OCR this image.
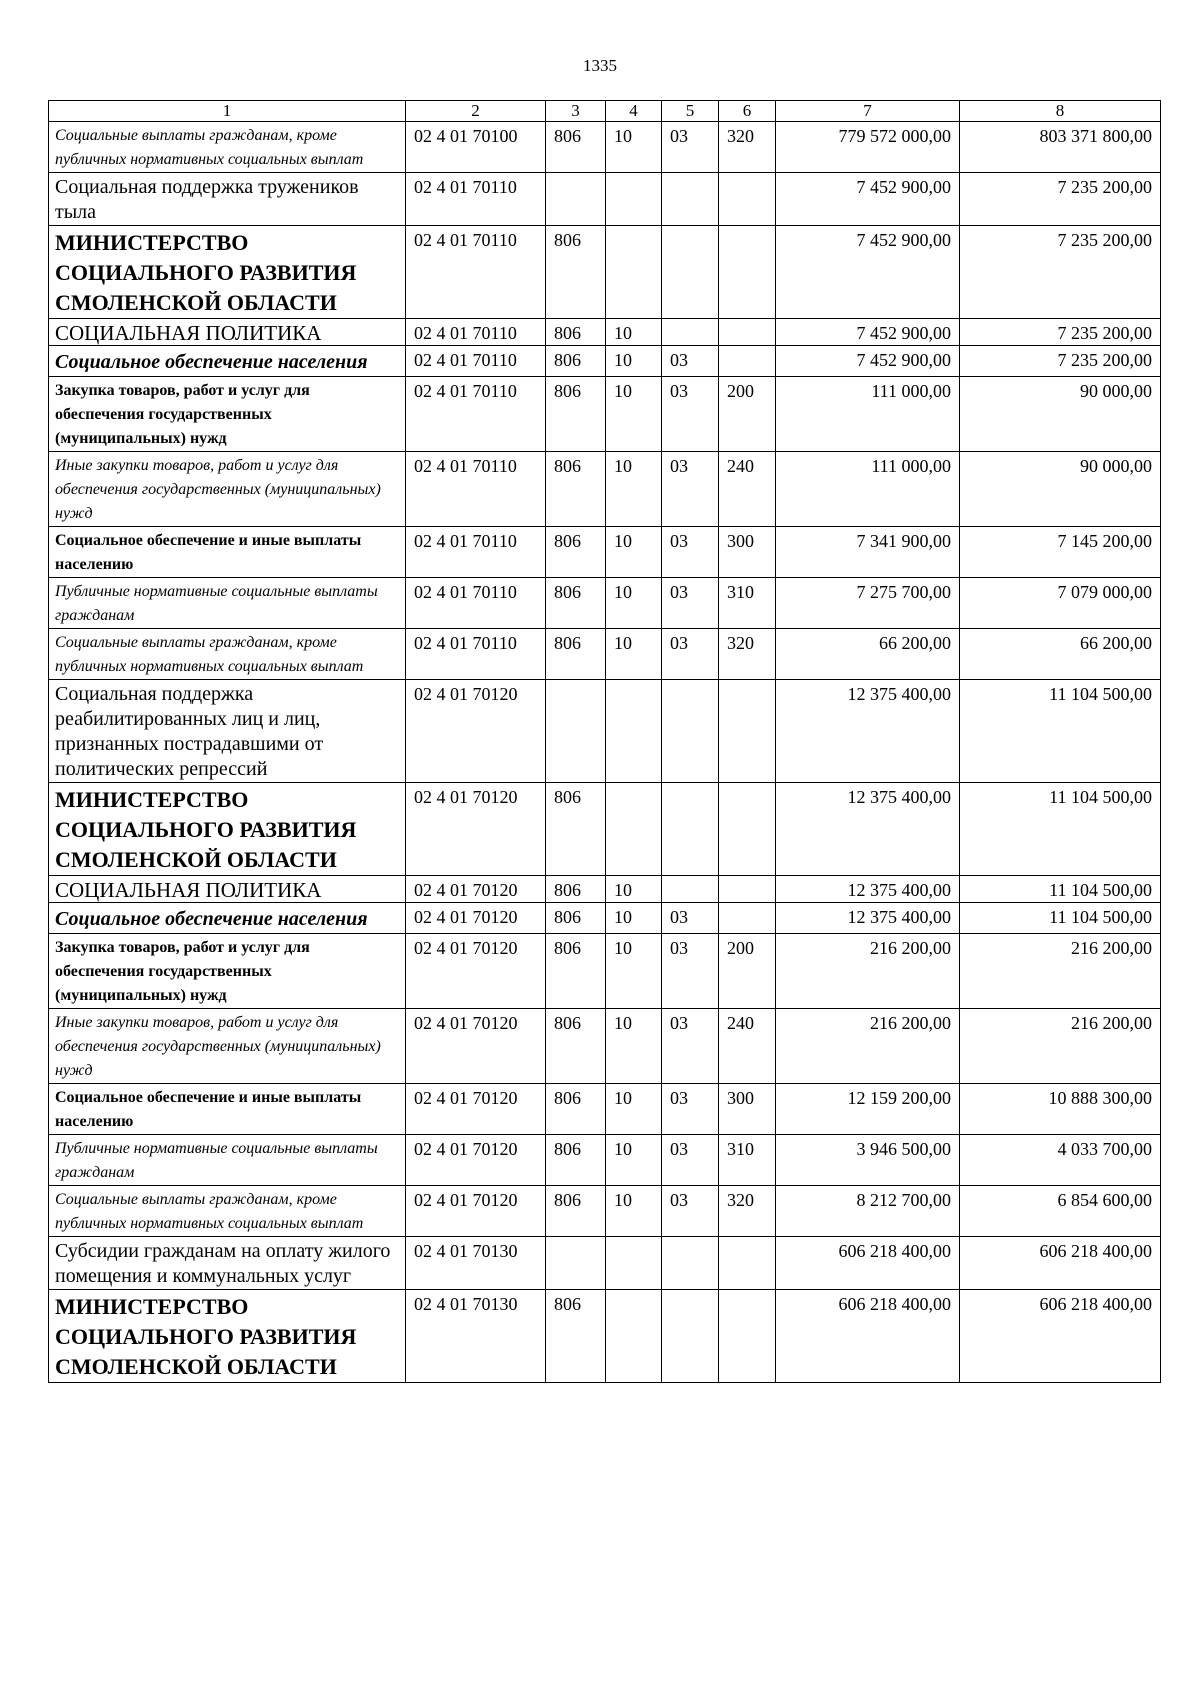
1335
1	2	3	4	5	6	7	8
Социальные выплаты гражданам, кроме публичных нормативных социальных выплат	02 4 01 70100	806	10	03	320	779 572 000,00	803 371 800,00
Социальная поддержка тружеников тыла	02 4 01 70110					7 452 900,00	7 235 200,00
МИНИСТЕРСТВО СОЦИАЛЬНОГО РАЗВИТИЯ СМОЛЕНСКОЙ ОБЛАСТИ	02 4 01 70110	806				7 452 900,00	7 235 200,00
СОЦИАЛЬНАЯ ПОЛИТИКА	02 4 01 70110	806	10			7 452 900,00	7 235 200,00
Социальное обеспечение населения	02 4 01 70110	806	10	03		7 452 900,00	7 235 200,00
Закупка товаров, работ и услуг для обеспечения государственных (муниципальных) нужд	02 4 01 70110	806	10	03	200	111 000,00	90 000,00
Иные закупки товаров, работ и услуг для обеспечения государственных (муниципальных) нужд	02 4 01 70110	806	10	03	240	111 000,00	90 000,00
Социальное обеспечение и иные выплаты населению	02 4 01 70110	806	10	03	300	7 341 900,00	7 145 200,00
Публичные нормативные социальные выплаты гражданам	02 4 01 70110	806	10	03	310	7 275 700,00	7 079 000,00
Социальные выплаты гражданам, кроме публичных нормативных социальных выплат	02 4 01 70110	806	10	03	320	66 200,00	66 200,00
Социальная поддержка реабилитированных лиц и лиц, признанных пострадавшими от политических репрессий	02 4 01 70120					12 375 400,00	11 104 500,00
МИНИСТЕРСТВО СОЦИАЛЬНОГО РАЗВИТИЯ СМОЛЕНСКОЙ ОБЛАСТИ	02 4 01 70120	806				12 375 400,00	11 104 500,00
СОЦИАЛЬНАЯ ПОЛИТИКА	02 4 01 70120	806	10			12 375 400,00	11 104 500,00
Социальное обеспечение населения	02 4 01 70120	806	10	03		12 375 400,00	11 104 500,00
Закупка товаров, работ и услуг для обеспечения государственных (муниципальных) нужд	02 4 01 70120	806	10	03	200	216 200,00	216 200,00
Иные закупки товаров, работ и услуг для обеспечения государственных (муниципальных) нужд	02 4 01 70120	806	10	03	240	216 200,00	216 200,00
Социальное обеспечение и иные выплаты населению	02 4 01 70120	806	10	03	300	12 159 200,00	10 888 300,00
Публичные нормативные социальные выплаты гражданам	02 4 01 70120	806	10	03	310	3 946 500,00	4 033 700,00
Социальные выплаты гражданам, кроме публичных нормативных социальных выплат	02 4 01 70120	806	10	03	320	8 212 700,00	6 854 600,00
Субсидии гражданам на оплату жилого помещения и коммунальных услуг	02 4 01 70130					606 218 400,00	606 218 400,00
МИНИСТЕРСТВО СОЦИАЛЬНОГО РАЗВИТИЯ СМОЛЕНСКОЙ ОБЛАСТИ	02 4 01 70130	806				606 218 400,00	606 218 400,00
